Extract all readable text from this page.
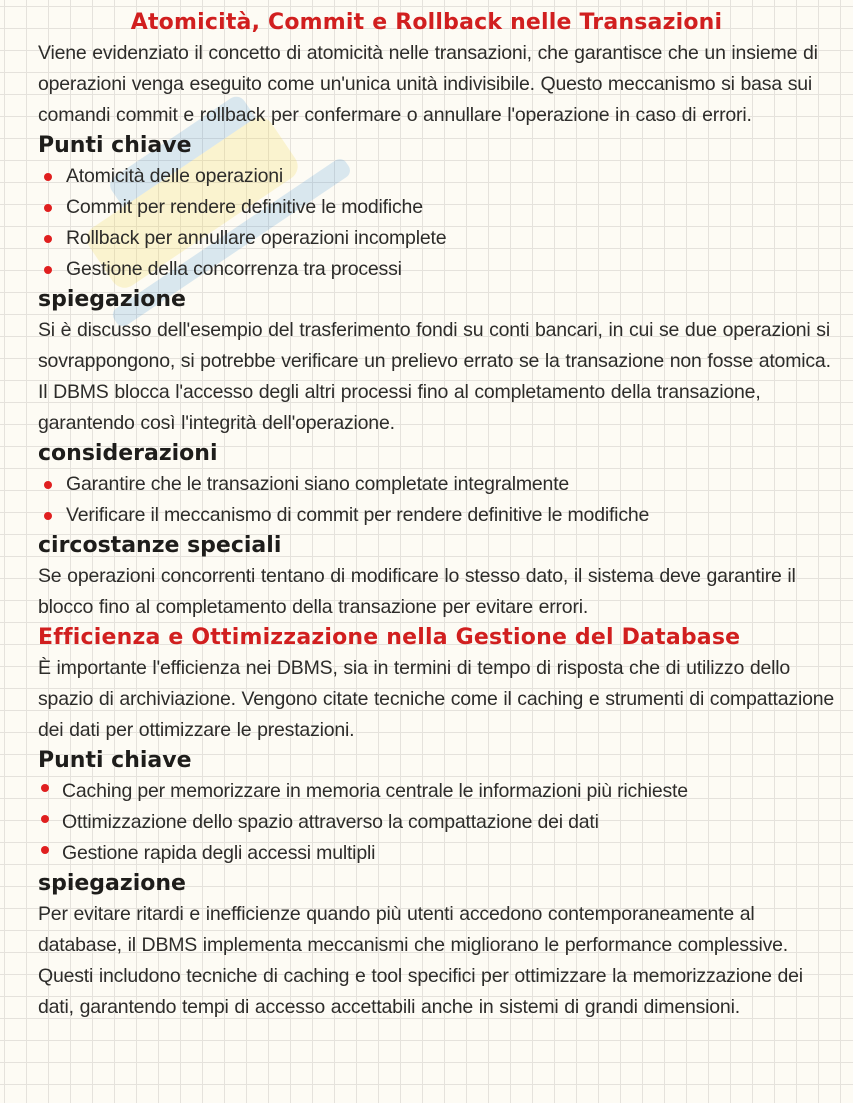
Atomicità, Commit e Rollback nelle Transazioni

Viene evidenziato il concetto di atomicità nelle transazioni, che garantisce che un insieme di operazioni venga eseguito come un'unica unità indivisibile. Questo meccanismo si basa sui comandi commit e rollback per confermare o annullare l'operazione in caso di errori.

Punti chiave
Atomicità delle operazioni
Commit per rendere definitive le modifiche
Rollback per annullare operazioni incomplete
Gestione della concorrenza tra processi
spiegazione

Si è discusso dell'esempio del trasferimento fondi su conti bancari, in cui se due operazioni si sovrappongono, si potrebbe verificare un prelievo errato se la transazione non fosse atomica. Il DBMS blocca l'accesso degli altri processi fino al completamento della transazione, garantendo così l'integrità dell'operazione.

considerazioni
Garantire che le transazioni siano completate integralmente
Verificare il meccanismo di commit per rendere definitive le modifiche
circostanze speciali

Se operazioni concorrenti tentano di modificare lo stesso dato, il sistema deve garantire il blocco fino al completamento della transazione per evitare errori.

Efficienza e Ottimizzazione nella Gestione del Database

È importante l'efficienza nei DBMS, sia in termini di tempo di risposta che di utilizzo dello spazio di archiviazione. Vengono citate tecniche come il caching e strumenti di compattazione dei dati per ottimizzare le prestazioni.

Punti chiave
Caching per memorizzare in memoria centrale le informazioni più richieste
Ottimizzazione dello spazio attraverso la compattazione dei dati
Gestione rapida degli accessi multipli
spiegazione

Per evitare ritardi e inefficienze quando più utenti accedono contemporaneamente al database, il DBMS implementa meccanismi che migliorano le performance complessive. Questi includono tecniche di caching e tool specifici per ottimizzare la memorizzazione dei dati, garantendo tempi di accesso accettabili anche in sistemi di grandi dimensioni.
